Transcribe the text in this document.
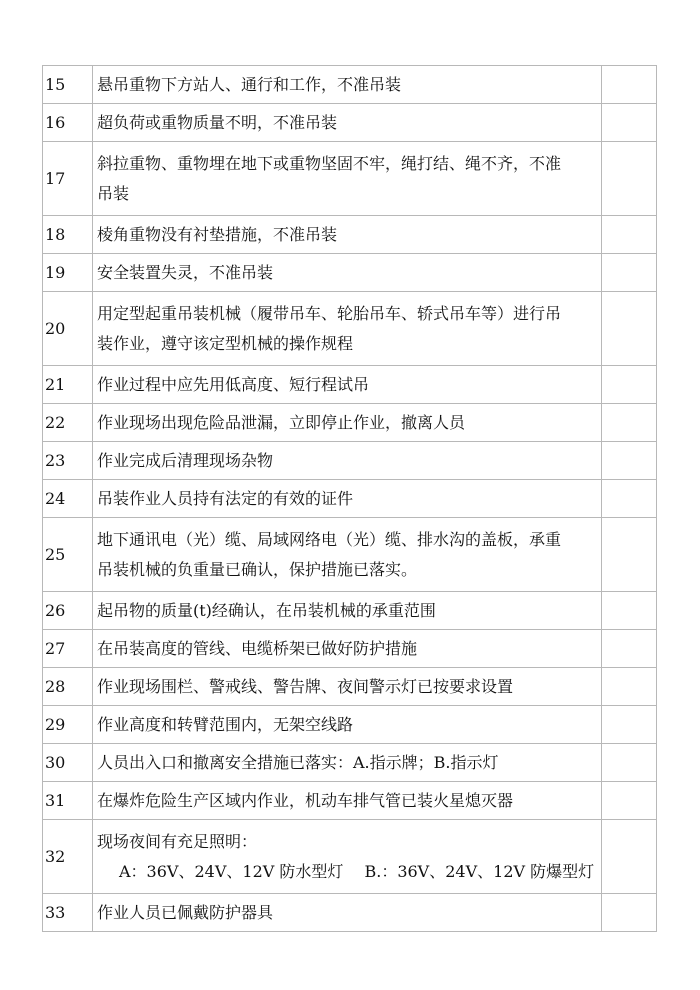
15	悬吊重物下方站人、通行和工作，不准吊装	

16	超负荷或重物质量不明，不准吊装	

17	斜拉重物、重物埋在地下或重物坚固不牢，绳打结、绳不齐，不准
吊装	

18	棱角重物没有衬垫措施，不准吊装	

19	安全装置失灵，不准吊装	

20	用定型起重吊装机械（履带吊车、轮胎吊车、轿式吊车等）进行吊
装作业，遵守该定型机械的操作规程	

21	作业过程中应先用低高度、短行程试吊	

22	作业现场出现危险品泄漏，立即停止作业，撤离人员	

23	作业完成后清理现场杂物	

24	吊装作业人员持有法定的有效的证件	

25	地下通讯电（光）缆、局域网络电（光）缆、排水沟的盖板，承重
吊装机械的负重量已确认，保护措施已落实。	

26	起吊物的质量(t)经确认，在吊装机械的承重范围	

27	在吊装高度的管线、电缆桥架已做好防护措施	

28	作业现场围栏、警戒线、警告牌、夜间警示灯已按要求设置	

29	作业高度和转臂范围内，无架空线路	

30	人员出入口和撤离安全措施已落实：A.指示牌；B.指示灯	

31	在爆炸危险生产区域内作业，机动车排气管已装火星熄灭器	

32	现场夜间有充足照明：
A：36V、24V、12V 防水型灯　 B.：36V、24V、12V 防爆型灯	

33	作业人员已佩戴防护器具	
